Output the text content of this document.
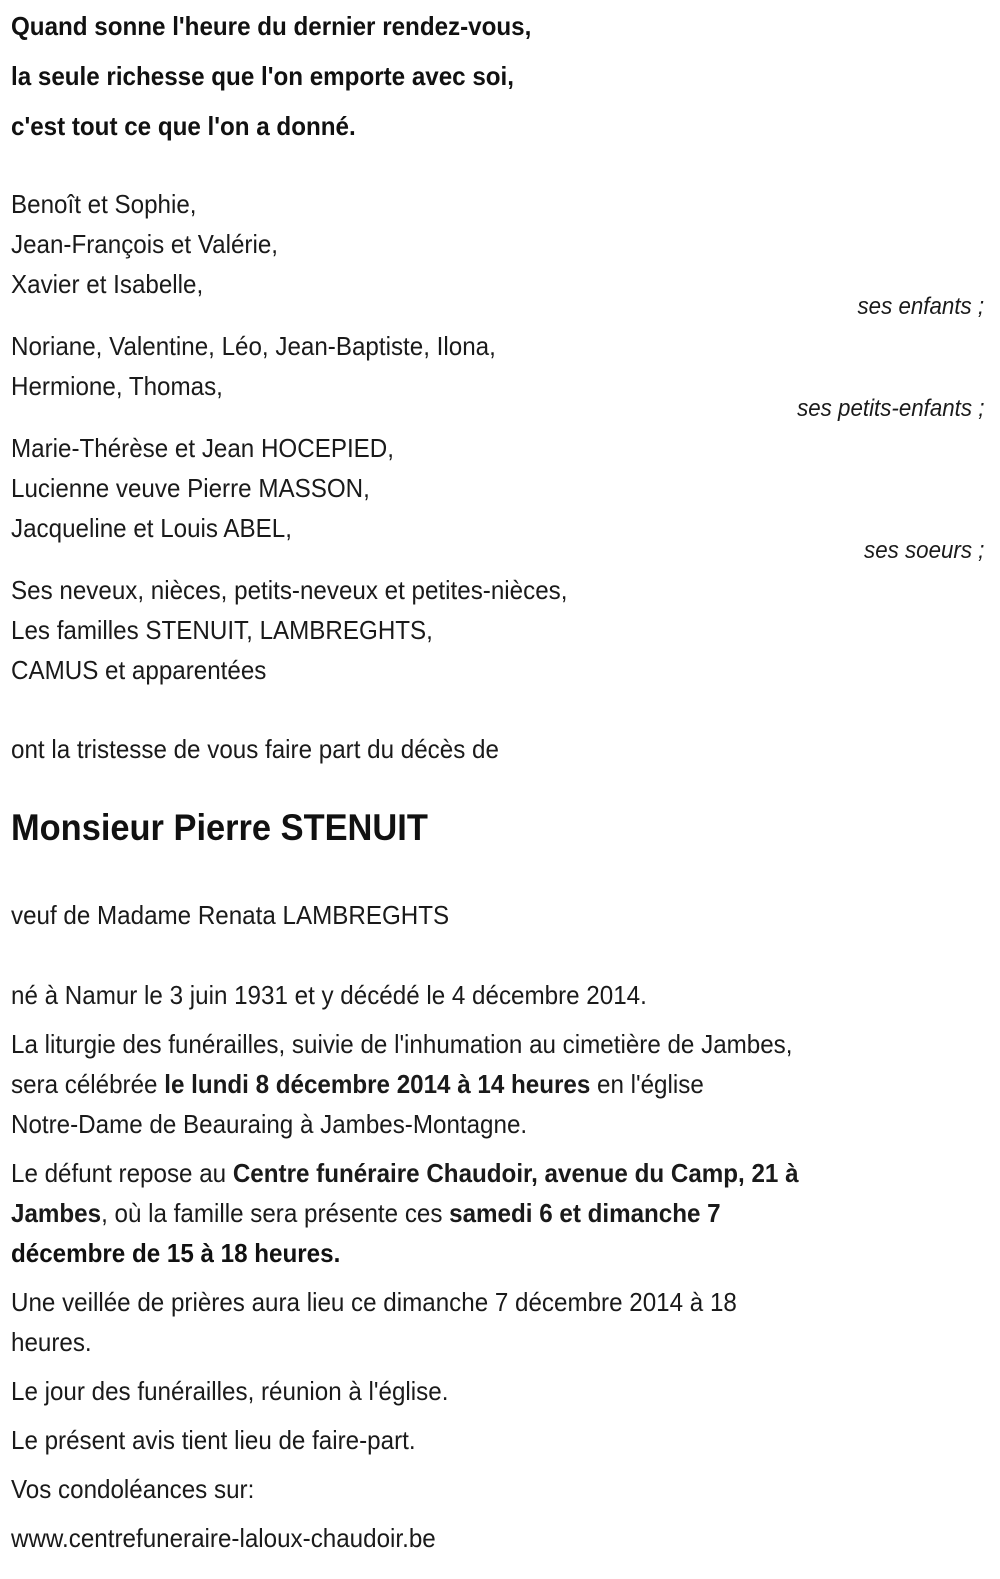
Quand sonne l'heure du dernier rendez-vous,
la seule richesse que l'on emporte avec soi,
c'est tout ce que l'on a donné.
Benoît et Sophie,
Jean-François et Valérie,
Xavier et Isabelle,
ses enfants ;
Noriane, Valentine, Léo, Jean-Baptiste, Ilona,
Hermione, Thomas,
ses petits-enfants ;
Marie-Thérèse et Jean HOCEPIED,
Lucienne veuve Pierre MASSON,
Jacqueline et Louis ABEL,
ses soeurs ;
Ses neveux, nièces, petits-neveux et petites-nièces,
Les familles STENUIT, LAMBREGHTS,
CAMUS et apparentées
ont la tristesse de vous faire part du décès de
Monsieur Pierre STENUIT
veuf de Madame Renata LAMBREGHTS
né à Namur le 3 juin 1931 et y décédé le 4 décembre 2014.
La liturgie des funérailles, suivie de l'inhumation au cimetière de Jambes,
sera célébrée le lundi 8 décembre 2014 à 14 heures en l'église
Notre-Dame de Beauraing à Jambes-Montagne.
Le défunt repose au Centre funéraire Chaudoir, avenue du Camp, 21 à
Jambes, où la famille sera présente ces samedi 6 et dimanche 7
décembre de 15 à 18 heures.
Une veillée de prières aura lieu ce dimanche 7 décembre 2014 à 18
heures.
Le jour des funérailles, réunion à l'église.
Le présent avis tient lieu de faire-part.
Vos condoléances sur:
www.centrefuneraire-laloux-chaudoir.be
